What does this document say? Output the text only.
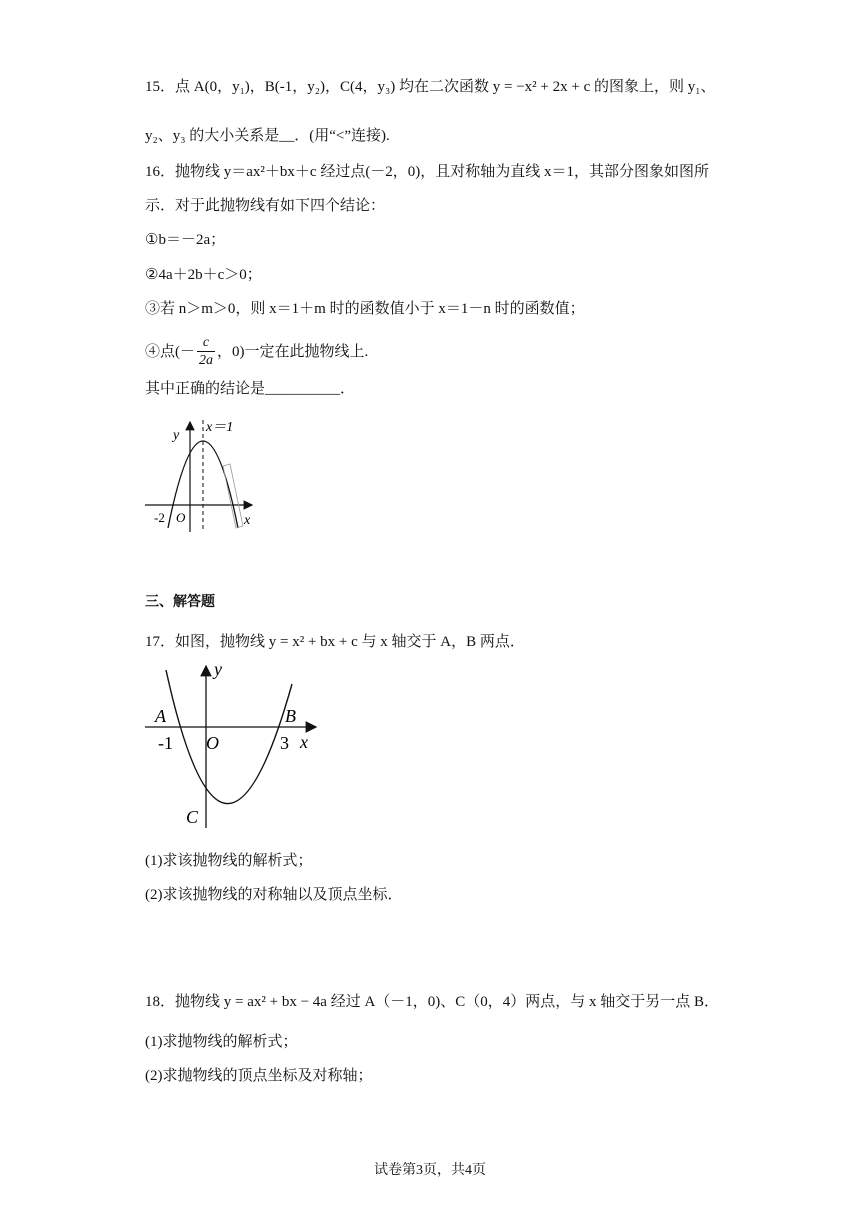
15．点 A(0，y₁)，B(-1，y₂)，C(4，y₃) 均在二次函数 y = −x² + 2x + c 的图象上，则 y₁、
y₂、y₃ 的大小关系是__．(用“<”连接).
16．抛物线 y＝ax²＋bx＋c 经过点(－2，0)，且对称轴为直线 x＝1，其部分图象如图所
示．对于此抛物线有如下四个结论：
①b＝－2a；
②4a＋2b＋c＞0；
③若 n＞m＞0，则 x＝1＋m 时的函数值小于 x＝1－n 时的函数值；
④点(－ $\frac{c}{2a}$ ，0)一定在此抛物线上.
其中正确的结论是__________．
x＝1
y
x
O
-2
三、解答题
17．如图，抛物线 y = x² + bx + c 与 x 轴交于 A，B 两点．
y
x
O
A	B
C
-1	3
(1)求该抛物线的解析式；
(2)求该抛物线的对称轴以及顶点坐标．
18．抛物线 y = ax² + bx − 4a 经过 A（－1，0)、C（0，4）两点，与 x 轴交于另一点 B．
(1)求抛物线的解析式；
(2)求抛物线的顶点坐标及对称轴；
试卷第3页，共4页
